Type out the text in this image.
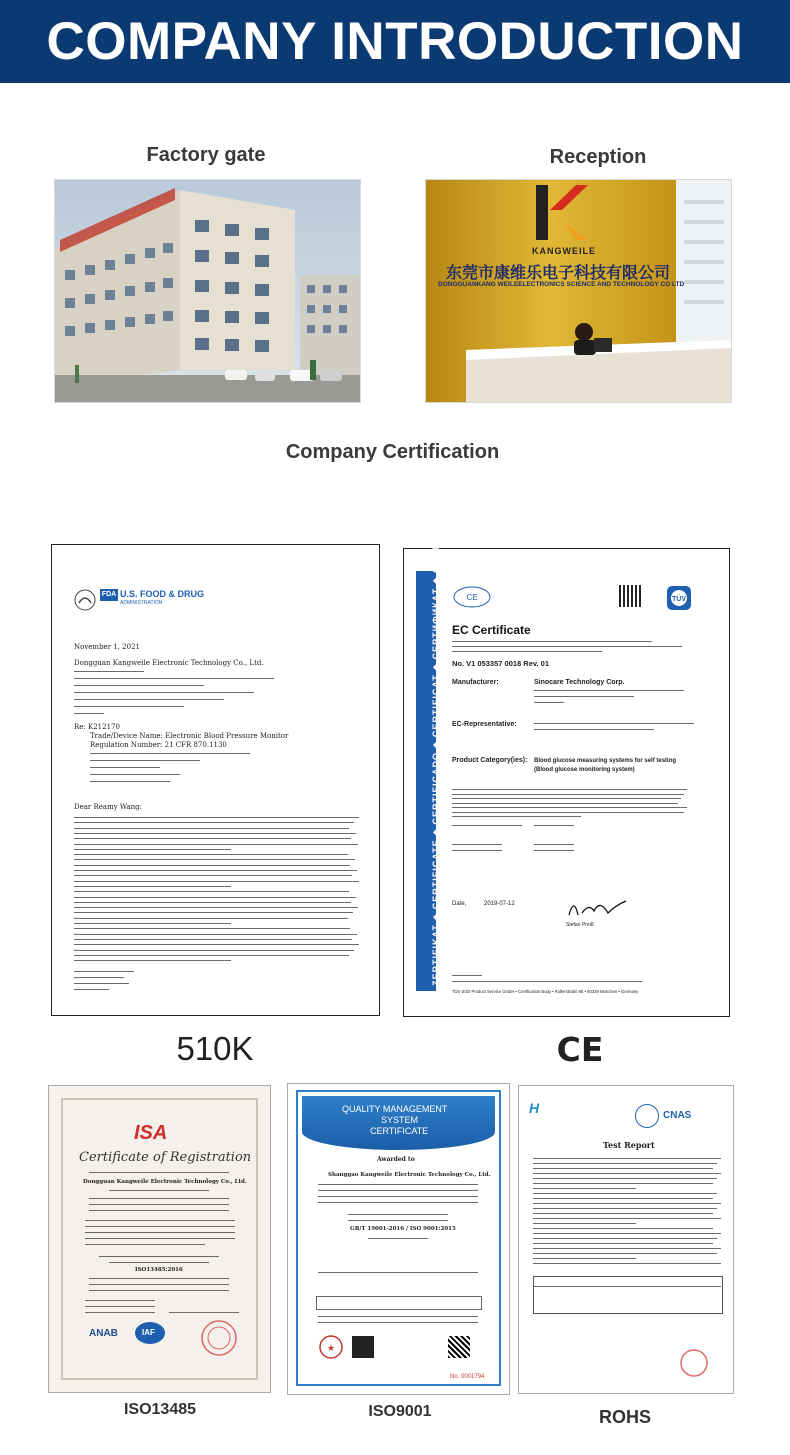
COMPANY INTRODUCTION
Factory gate	Reception
KANGWEILE
东莞市康维乐电子科技有限公司
DONGGUANKANG WEILEELECTRONICS SCIENCE AND TECHNOLOGY CO LTD
Company Certification
FDA U.S. FOOD & DRUG
ADMINISTRATION
November 1, 2021
Dongguan Kangweile Electronic Technology Co., Ltd.
Re: K212170
Trade/Device Name: Electronic Blood Pressure Monitor
Regulation Number: 21 CFR 870.1130
Dear Reamy Wang:
510K
ZERTIFIKAT ◆ CERTIFICATE ◆ CERTIFICADO ◆ CERTIFICAT ◆ СЕРТИФИКАТ ◆ CERTIFICATE	CE	TÜV
EC Certificate
No. V1 053357 0018 Rev. 01
Manufacturer:	Sinocare Technology Corp.
EC-Representative:
Product Category(ies): Blood glucose measuring systems for self testing (Blood glucose monitoring system)
Date,	2019-07-12
Stefan Preiß
TÜV SÜD Product Service GmbH • Certification Body • Ridlerstraße 65 • 80339 München • Germany
CE
ISA
Certificate of Registration
Dongguan Kangweile Electronic Technology Co., Ltd.
ISO13485:2016
ANAB	IAF
ISO13485
QUALITY MANAGEMENT
SYSTEM
CERTIFICATE
Awarded to
Shanggao Kangweile Electronic Technology Co., Ltd.
GB/T 19001-2016 / ISO 9001:2015
★
No. 0001794
ISO9001
H	CNAS
Test Report
ROHS
